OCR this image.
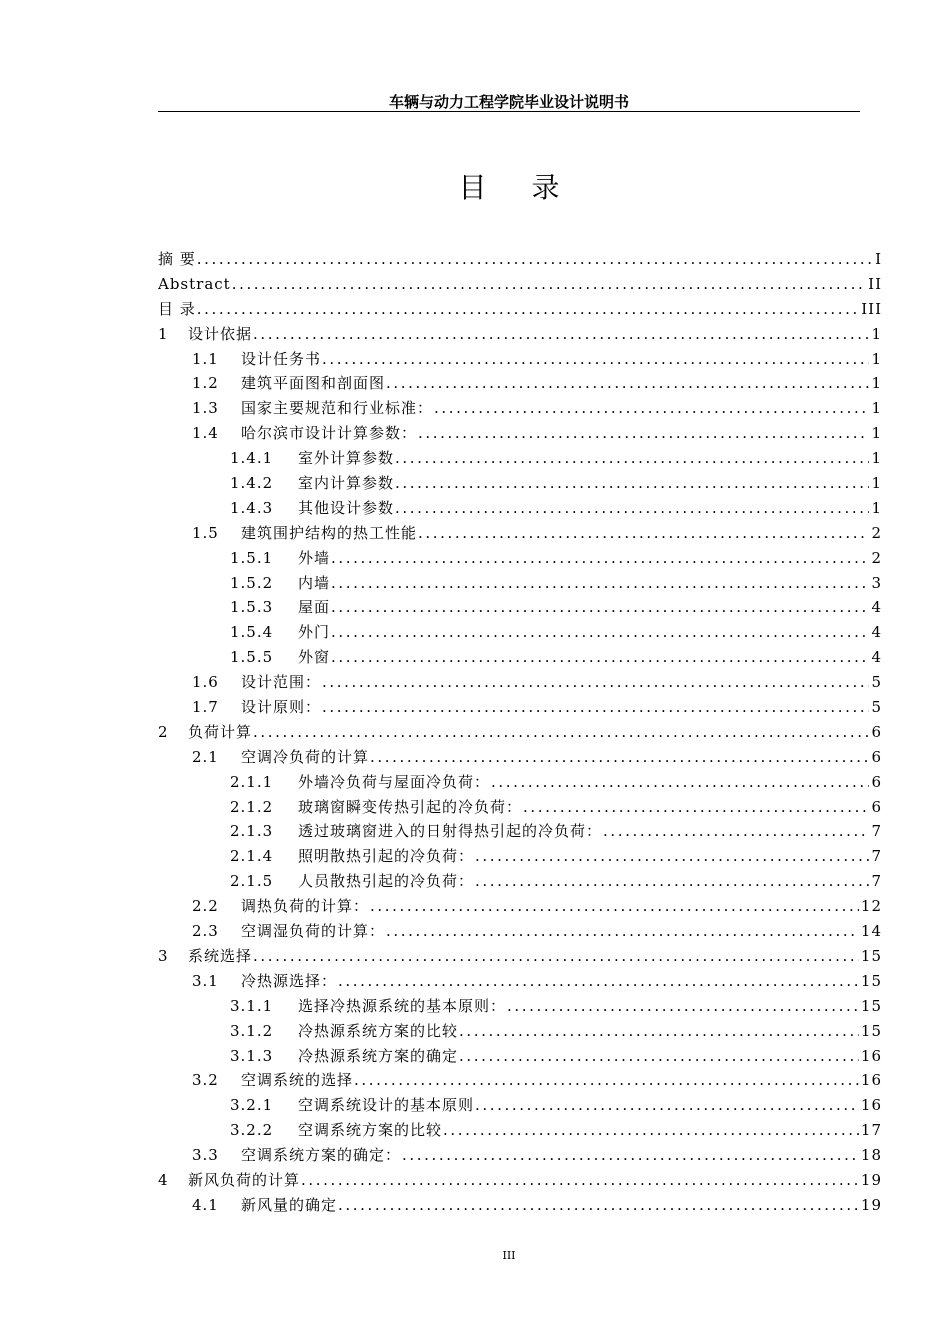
车辆与动力工程学院毕业设计说明书
目 录
摘 要 .....	I
Abstract .....	II
目 录 .....	III
1	设计依据 .....	1
1.1	设计任务书 .....	1
1.2	建筑平面图和剖面图 .....	1
1.3	国家主要规范和行业标准： .....	1
1.4	哈尔滨市设计计算参数： .....	1
1.4.1	室外计算参数 .....	1
1.4.2	室内计算参数 .....	1
1.4.3	其他设计参数 .....	1
1.5	建筑围护结构的热工性能 .....	2
1.5.1	外墙 .....	2
1.5.2	内墙 .....	3
1.5.3	屋面 .....	4
1.5.4	外门 .....	4
1.5.5	外窗 .....	4
1.6	设计范围： .....	5
1.7	设计原则： .....	5
2	负荷计算 .....	6
2.1	空调冷负荷的计算 .....	6
2.1.1	外墙冷负荷与屋面冷负荷： .....	6
2.1.2	玻璃窗瞬变传热引起的冷负荷： .....	6
2.1.3	透过玻璃窗进入的日射得热引起的冷负荷： .....	7
2.1.4	照明散热引起的冷负荷： .....	7
2.1.5	人员散热引起的冷负荷： .....	7
2.2	调热负荷的计算： .....	12
2.3	空调湿负荷的计算： .....	14
3	系统选择 .....	15
3.1	冷热源选择： .....	15
3.1.1	选择冷热源系统的基本原则： .....	15
3.1.2	冷热源系统方案的比较 .....	15
3.1.3	冷热源系统方案的确定 .....	16
3.2	空调系统的选择 .....	16
3.2.1	空调系统设计的基本原则 .....	16
3.2.2	空调系统方案的比较 .....	17
3.3	空调系统方案的确定： .....	18
4	新风负荷的计算 .....	19
4.1	新风量的确定 .....	19
III
